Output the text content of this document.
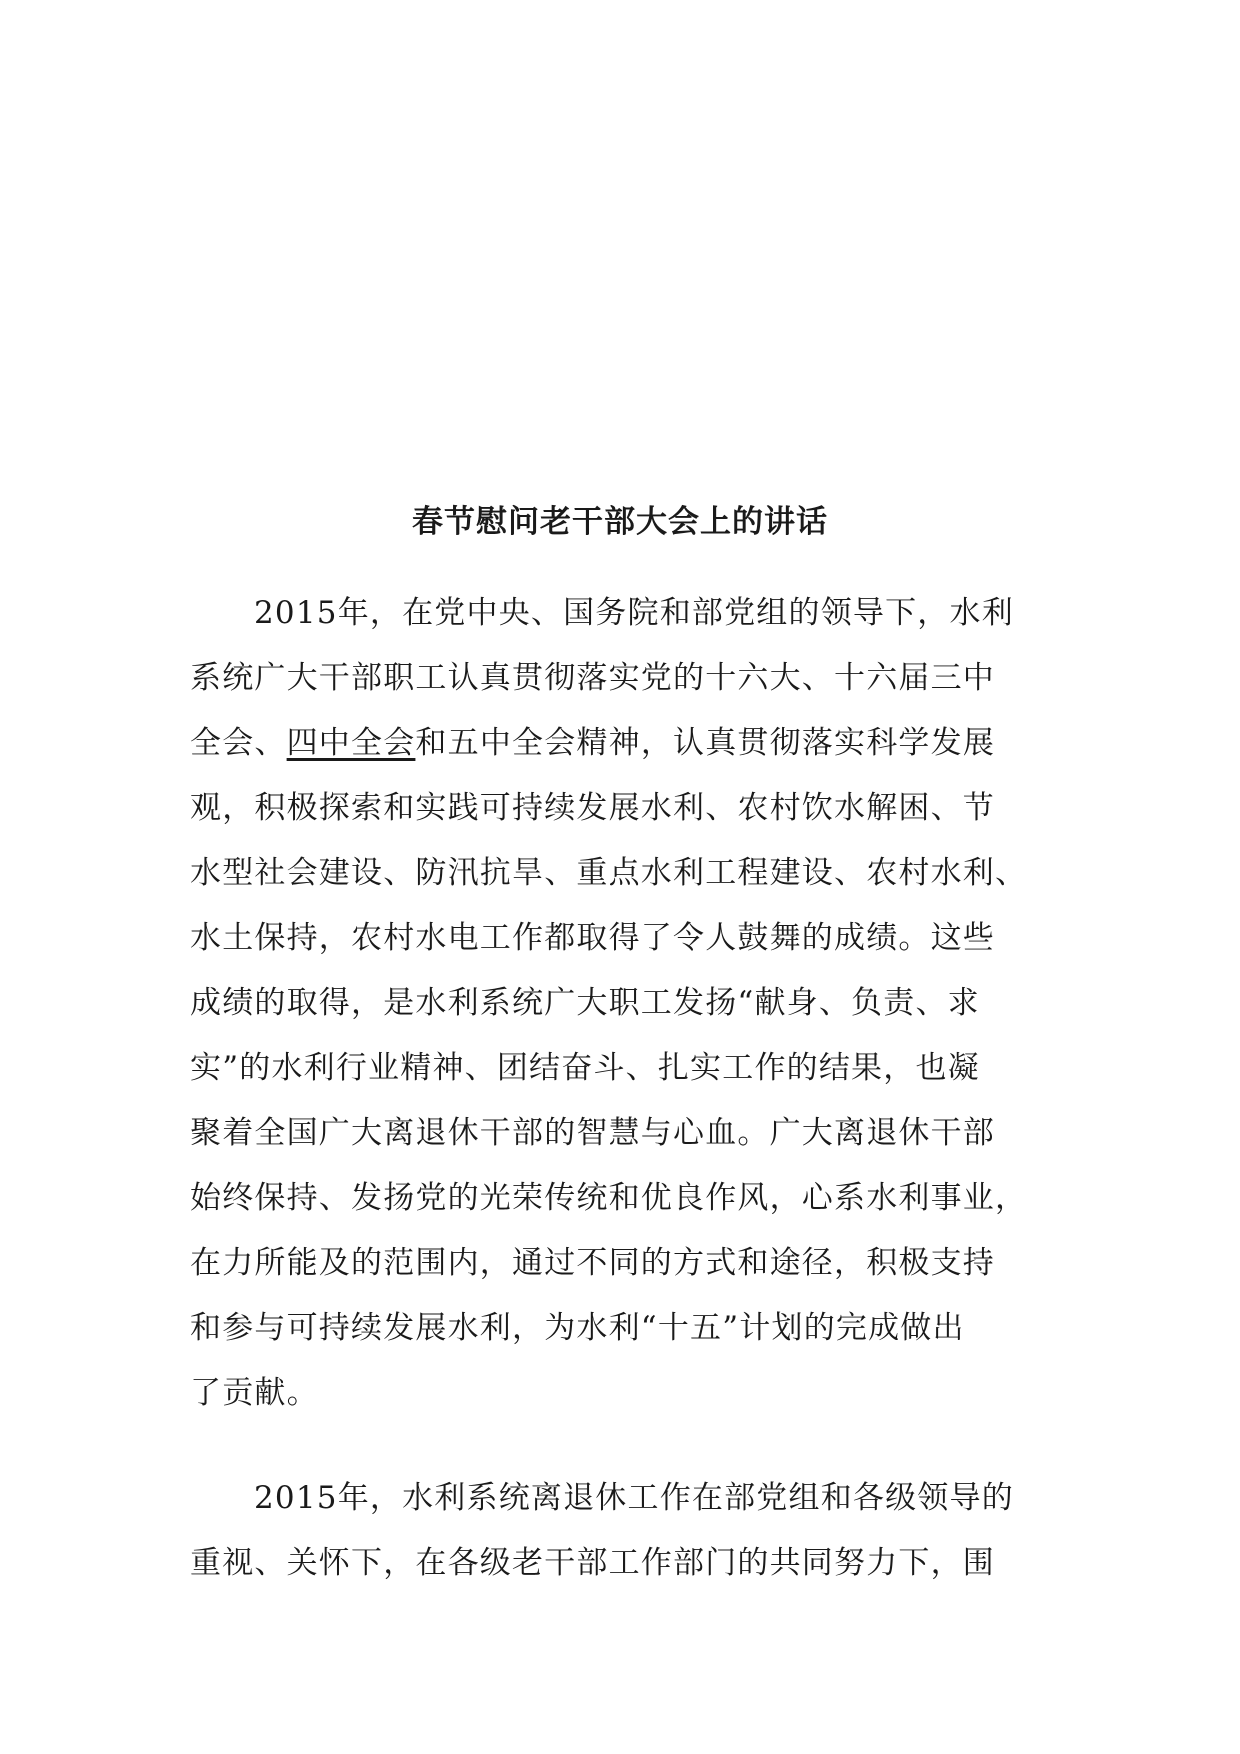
春节慰问老干部大会上的讲话
2015年，在党中央、国务院和部党组的领导下，水利
系统广大干部职工认真贯彻落实党的十六大、十六届三中
全会、四中全会和五中全会精神，认真贯彻落实科学发展
观，积极探索和实践可持续发展水利、农村饮水解困、节
水型社会建设、防汛抗旱、重点水利工程建设、农村水利、
水土保持，农村水电工作都取得了令人鼓舞的成绩。这些
成绩的取得，是水利系统广大职工发扬“献身、负责、求
实”的水利行业精神、团结奋斗、扎实工作的结果，也凝
聚着全国广大离退休干部的智慧与心血。广大离退休干部
始终保持、发扬党的光荣传统和优良作风，心系水利事业，
在力所能及的范围内，通过不同的方式和途径，积极支持
和参与可持续发展水利，为水利“十五”计划的完成做出
了贡献。
2015年，水利系统离退休工作在部党组和各级领导的
重视、关怀下，在各级老干部工作部门的共同努力下，围
